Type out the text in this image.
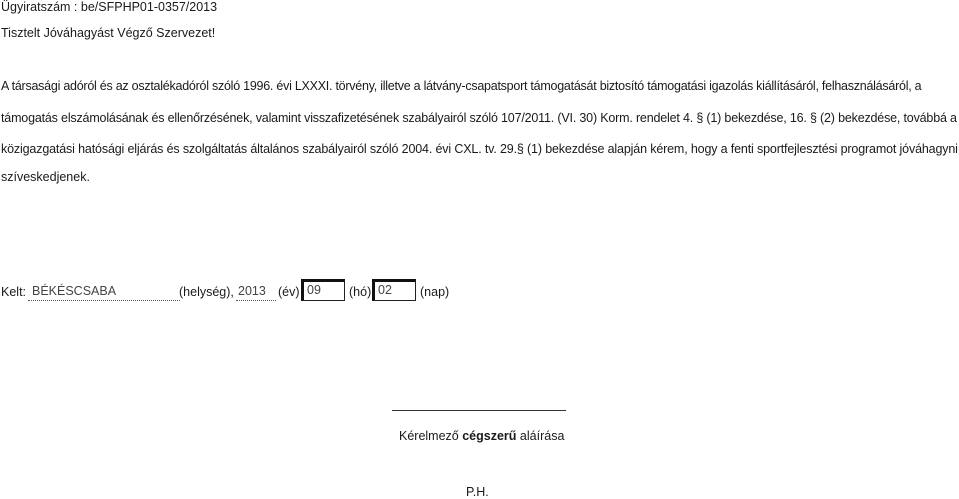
Ügyiratszám : be/SFPHP01-0357/2013
Tisztelt Jóváhagyást Végző Szervezet!
A társasági adóról és az osztalékadóról szóló 1996. évi LXXXI. törvény, illetve a látvány-csapatsport támogatását biztosító támogatási igazolás kiállításáról, felhasználásáról, a
támogatás elszámolásának és ellenőrzésének, valamint visszafizetésének szabályairól szóló 107/2011. (VI. 30) Korm. rendelet 4. § (1) bekezdése, 16. § (2) bekezdése, továbbá a
közigazgatási hatósági eljárás és szolgáltatás általános szabályairól szóló 2004. évi CXL. tv. 29.§ (1) bekezdése alapján kérem, hogy a fenti sportfejlesztési programot jóváhagyni
szíveskedjenek.
Kelt: BÉKÉSCSABA	(helység), 2013 (év) 09	(hó) 02	(nap)
Kérelmező cégszerű aláírása
P.H.
